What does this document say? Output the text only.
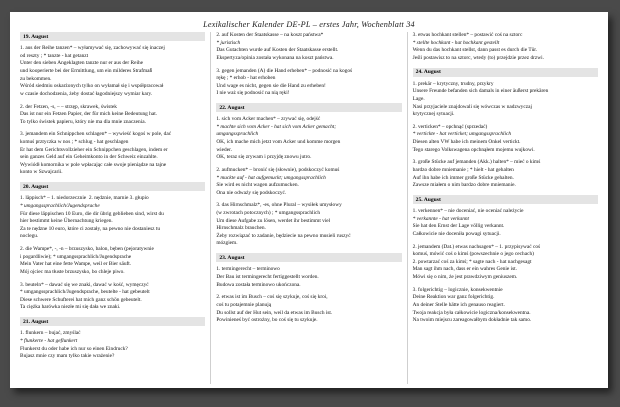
Lexikalischer Kalender DE-PL – erstes Jahr, Wochenblatt 34
19. August
1. aus der Reihe tanzen* – wyłamywać się, zachowywać się inaczej
od reszty ; * tanzte - hat getanzt
Unter den sieben Angeklagten tanzte nur er aus der Reihe
und kooperierte bei der Ermittlung, um ein milderes Strafmaß
zu bekommen.
Wśród siedmiu oskarżonych tylko on wyłamał się i współpracował
w czasie dochodzenia, żeby dostać łagodniejszy wymiar kary.
2. der Fetzen, -s, – – strzęp, skrawek, świstek
Das ist nur ein Fetzen Papier, der für mich keine Bedeutung hat.
To tylko świstek papieru, który nie ma dla mnie znaczenia.
3. jemandem ein Schnippchen schlagen* – wywieść kogoś w pole, dać
komuś prztyczka w nos ; * schlug - hat geschlagen
Er hat dem Gerichtsvollzieher ein Schnippchen geschlagen, indem er
sein ganzes Geld auf ein Geheimkonto in der Schweiz einzahlte.
Wywiódł komornika w pole wpłacając całe swoje pieniądze na tajne
konto w Szwajcarii.
20. August
1. läppisch* – 1. niedorzecznie  2. nędznie, marnie 3. głupio
* umgangssprachlich/Jugendsprache
Für diese läppischen 10 Euro, die dir übrig geblieben sind, wirst du
hier bestimmt keine Übernachtung kriegen.
Za te nędzne 10 euro, które ci zostały, na pewno nie dostaniesz tu
noclegu.
2. die Wampe*, -, -n – brzuszysko, balon, bęben (pejoratywnie
i pogardliwie); * umgangssprachlich/Jugendsprache
Mein Vater hat eine fette Wampe, weil er Bier säuft.
Mój ojciec ma tłuste brzuszysko, bo chleje piwo.
3. beuteln* – dawać się we znaki, dawać w kość, wymęczyć
* umgangssprachlich/Jugendsprache, beutelte - hat gebeutelt
Diese schwere Schufterei hat mich ganz schön gebeutelt.
Ta ciężka harówka niezłe mi się dała we znaki.
21. August
1. flunkern – bujać, zmyślać
* flunkerte - hat geflunkert
Flunkerst du oder habe ich nur so einen Eindruck?
Bujasz mnie czy mam tylko takie wrażenie?
2. auf Kosten der Staatskasse – na koszt państwa*
* juristisch
Das Gutachten wurde auf Kosten der Staatskasse erstellt.
Ekspertyza/opinia została wykonana na koszt państwa.
3. gegen jemanden (A) die Hand erheben* – podnosić na kogoś
rękę ; * erhob - hat erhoben
Und wage es nicht, gegen sie die Hand zu erheben!
I nie waż się podnosić na nią ręki!
22. August
1. sich vom Acker machen* – zrywać się, odejść
* machte sich vom Acker - hat sich vom Acker gemacht;
umgangssprachlich
OK, ich mache mich jetzt vom Acker und komme morgen
wieder.
OK, teraz się zrywam i przyjdę znowu jutro.
2. aufmucken* – bronić się (słownie), podskoczyć komuś
* muckte auf - hat aufgemuckt; umgangssprachlich
Sie wird es nicht wagen aufzumucken.
Ona nie odważy się podskoczyć.
3. das Hirnschmalz*, -es, ohne Plural – wysiłek umysłowy
(w zwrotach potocznych) ; * umgangssprachlich
Um diese Aufgabe zu lösen, werdet ihr bestimmt viel
Hirnschmalz brauchen.
Żeby rozwiązać to zadanie, będziecie na pewno musieli ruszyć
mózgiem.
23. August
1. termingerecht – terminowo
Der Bau ist termingerecht fertiggestellt worden.
Budowa została terminowo ukończona.
2. etwas ist im Busch – coś się szykuje, coś się kroi,
coś tu potajemnie planują
Du sollst auf der Hut sein, weil da etwas im Busch ist.
Powinieneś być ostrożny, bo coś się tu szykuje.
3. etwas hochkant stellen* – postawić coś na sztorc
* stellte hochkant - hat hochkant gestellt
Wenn du das hochkant stellst, dann passt es durch die Tür.
Jeśli postawisz to na sztorc, wtedy (to) przejdzie przez drzwi.
24. August
1. prekär – krytyczny, trudny, przykry
Unsere Freunde befanden sich damals in einer äußerst prekären
Lage.
Nasi przyjaciele znajdowali się wówczas w nadzwyczaj
krytycznej sytuacji.
2. verticken* – opchnąć (sprzedać)
* vertickte - hat verticket; umgangssprachlich
Diesen alten VW habe ich meinem Onkel vertickt.
Tego starego Volkswagena opchnąłem mojemu wujkowi.
3. große Stücke auf jemanden (Akk.) halten* – mieć o kimś
bardzo dobre mniemanie ; * hielt - hat gehalten
Auf ihn habe ich immer große Stücke gehalten.
Zawsze miałem o nim bardzo dobre mniemanie.
25. August
1. verkennen* – nie doceniać, nie oceniać należycie
* verkannte - hat verkannt
Sie hat den Ernst der Lage völlig verkannt.
Całkowicie nie doceniła powagi sytuacji.
2. jemandem (Dat.) etwas nachsagen* – 1. przypisywać coś
komuś, mówić coś o kimś (powszechnie o jego cechach)
2. powtarzać coś za kimś; * sagte nach - hat nachgesagt
Man sagt ihm nach, dass er ein wahres Genie ist.
Mówi się o nim, że jest prawdziwym geniuszem.
3. folgerichtig – logicznie, konsekwentnie
Deine Reaktion war ganz folgerichtig.
An deiner Stelle hätte ich genauso reagiert.
Twoja reakcja była całkowicie logiczna/konsekwentna.
Na twoim miejscu zareagowałbym dokładnie tak samo.
